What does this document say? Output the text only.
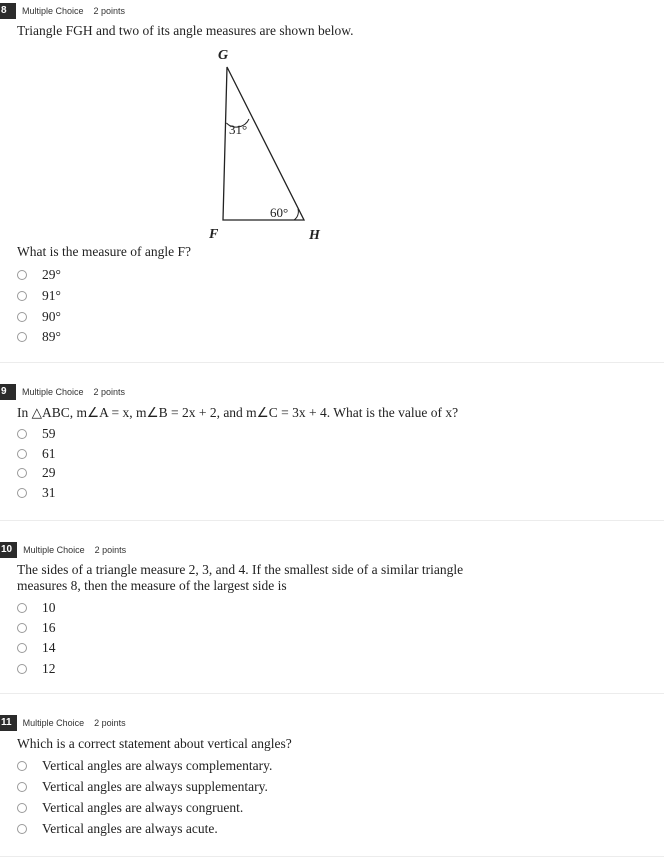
8	Multiple Choice 2 points
Triangle FGH and two of its angle measures are shown below.
G
F	H
31°
60°
What is the measure of angle F?
29°
91°
90°
89°
9	Multiple Choice 2 points
In △ABC, m∠A = x, m∠B = 2x + 2, and m∠C = 3x + 4. What is the value of x?
59
61
29
31
10	Multiple Choice 2 points
The sides of a triangle measure 2, 3, and 4. If the smallest side of a similar triangle
measures 8, then the measure of the largest side is
10
16
14
12
11	Multiple Choice 2 points
Which is a correct statement about vertical angles?
Vertical angles are always complementary.
Vertical angles are always supplementary.
Vertical angles are always congruent.
Vertical angles are always acute.
